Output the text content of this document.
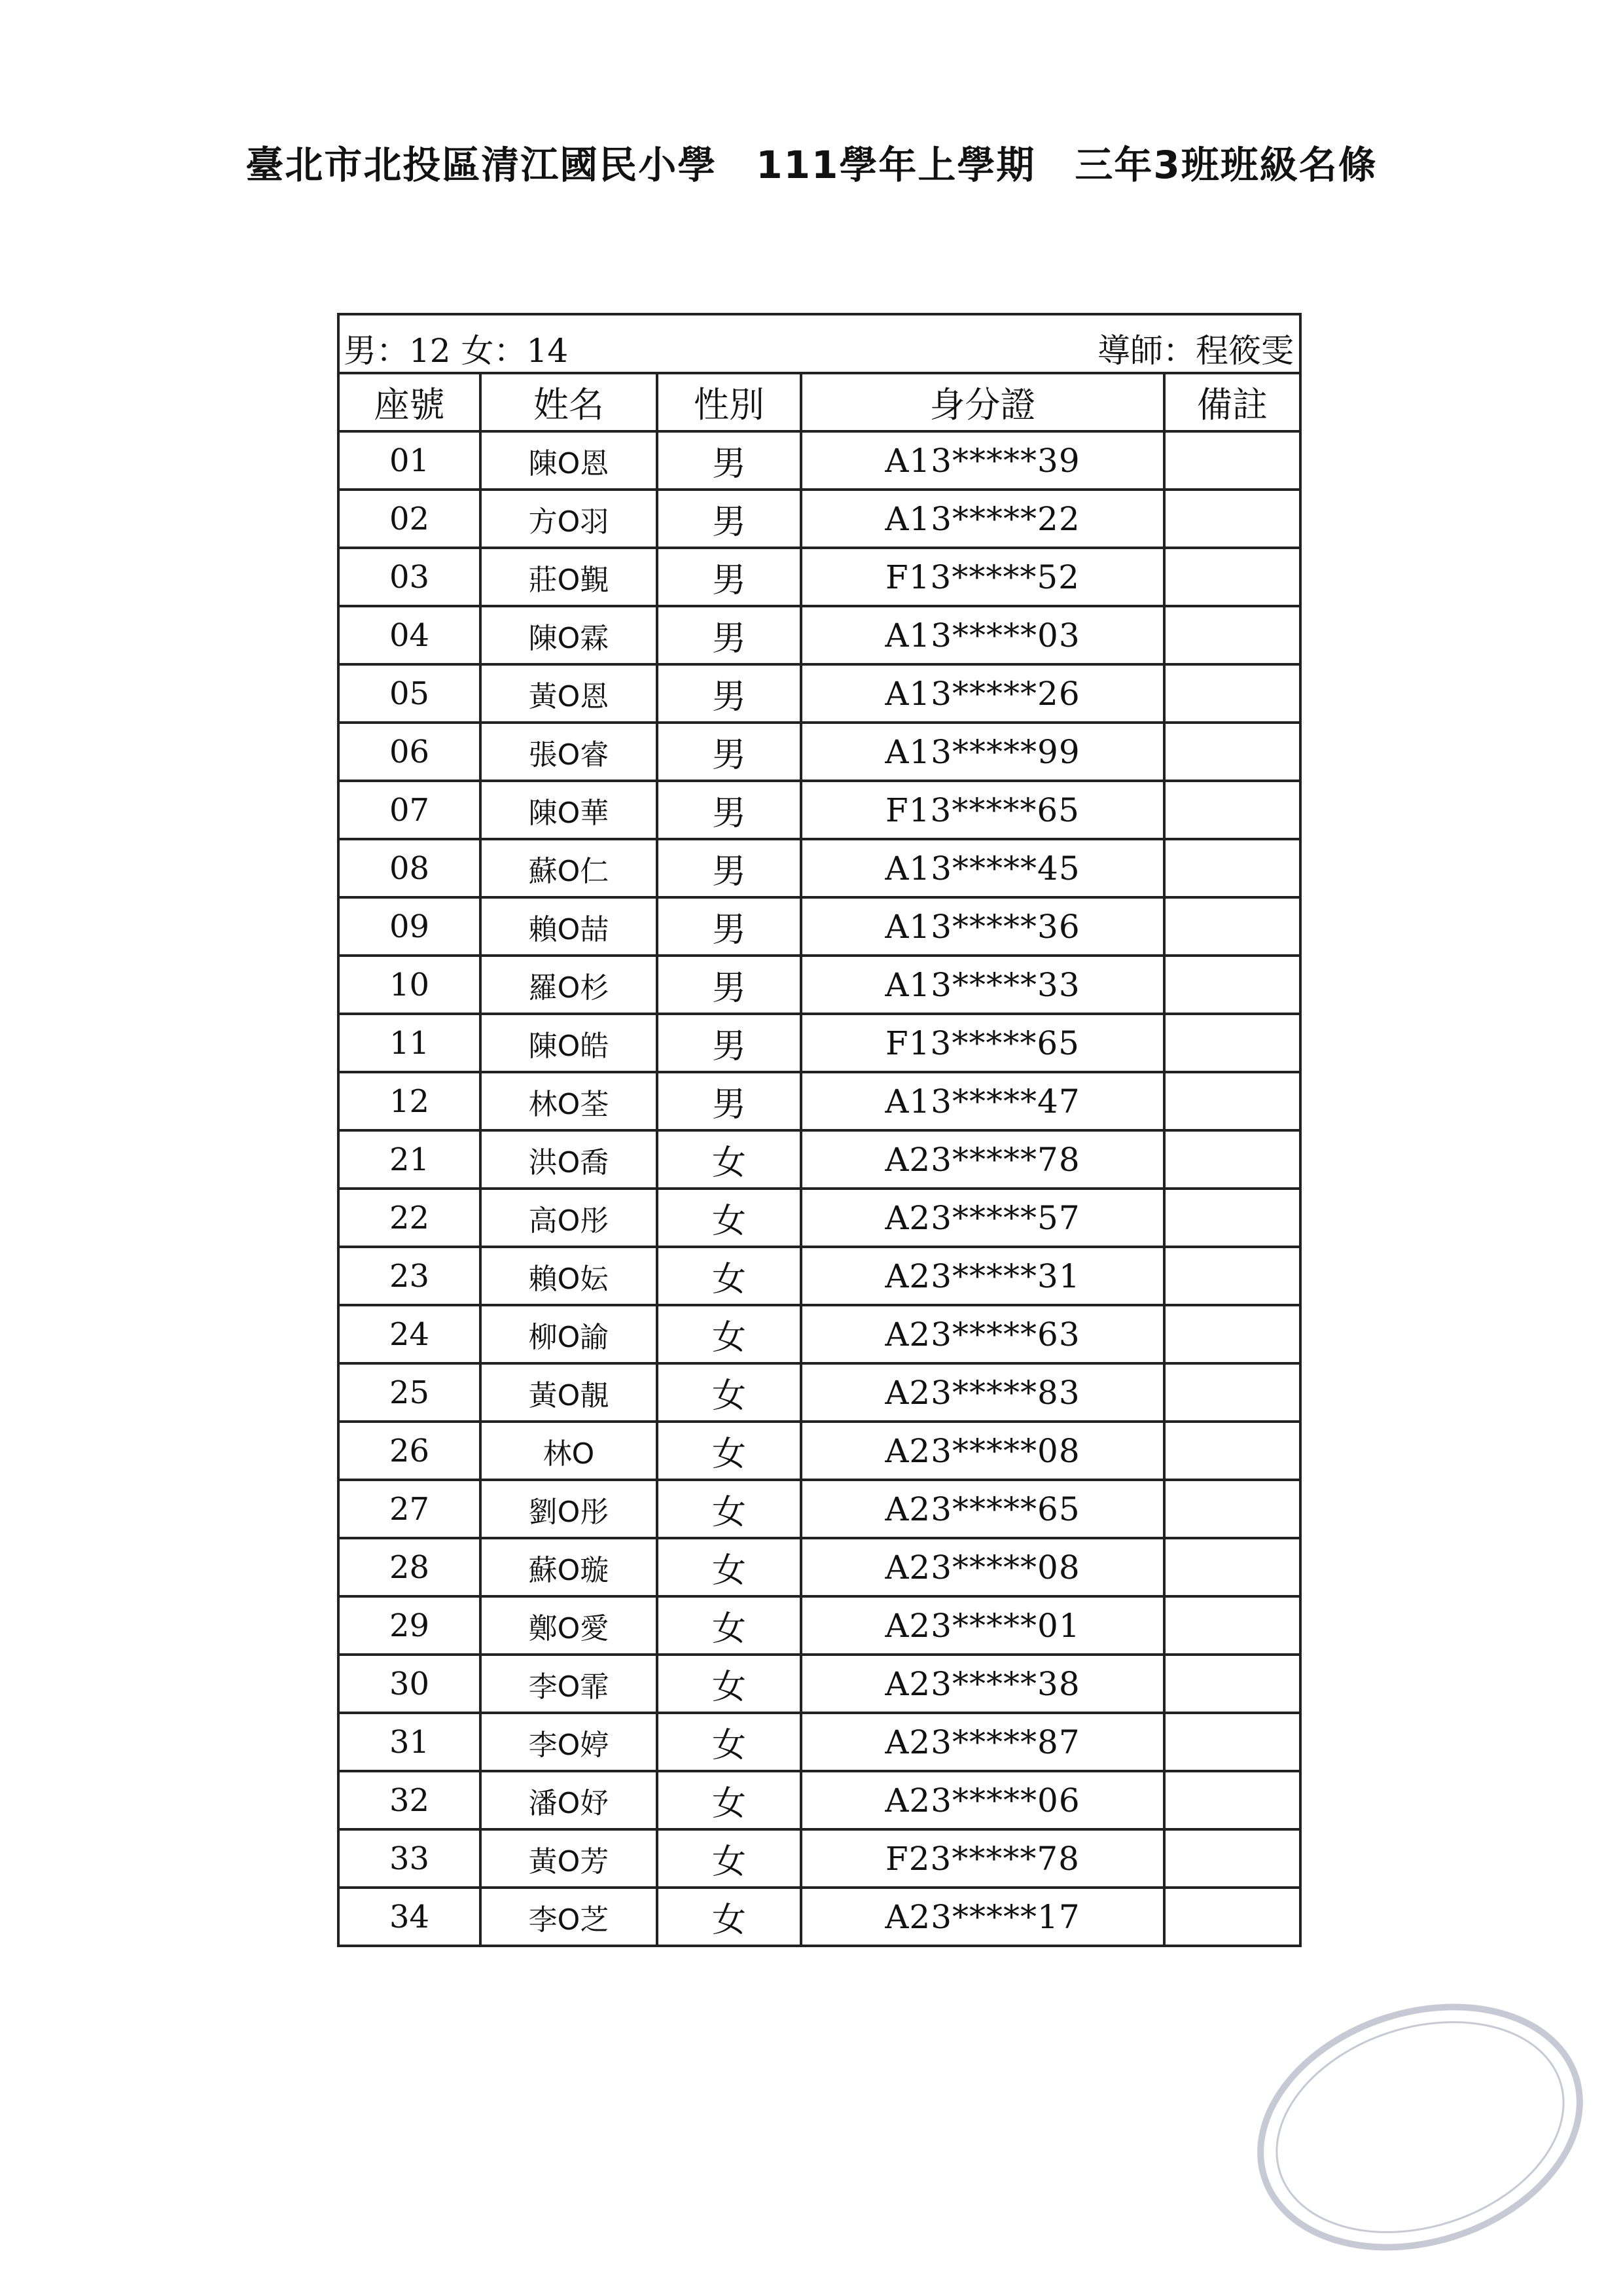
臺北市北投區清江國民小學　111學年上學期　三年3班班級名條
男：12 女：14 導師：程筱雯				

座號	姓名	性別	身分證	備註
01	陳O恩	男	A13*****39	
02	方O羽	男	A13*****22	
03	莊O覲	男	F13*****52	
04	陳O霖	男	A13*****03	
05	黃O恩	男	A13*****26	
06	張O睿	男	A13*****99	
07	陳O華	男	F13*****65	
08	蘇O仁	男	A13*****45	
09	賴O喆	男	A13*****36	
10	羅O杉	男	A13*****33	
11	陳O皓	男	F13*****65	
12	林O荃	男	A13*****47	
21	洪O喬	女	A23*****78	
22	高O彤	女	A23*****57	
23	賴O妘	女	A23*****31	
24	柳O諭	女	A23*****63	
25	黃O靚	女	A23*****83	
26	林O	女	A23*****08	
27	劉O彤	女	A23*****65	
28	蘇O璇	女	A23*****08	
29	鄭O愛	女	A23*****01	
30	李O霏	女	A23*****38	
31	李O婷	女	A23*****87	
32	潘O妤	女	A23*****06	
33	黃O芳	女	F23*****78	
34	李O芝	女	A23*****17	
